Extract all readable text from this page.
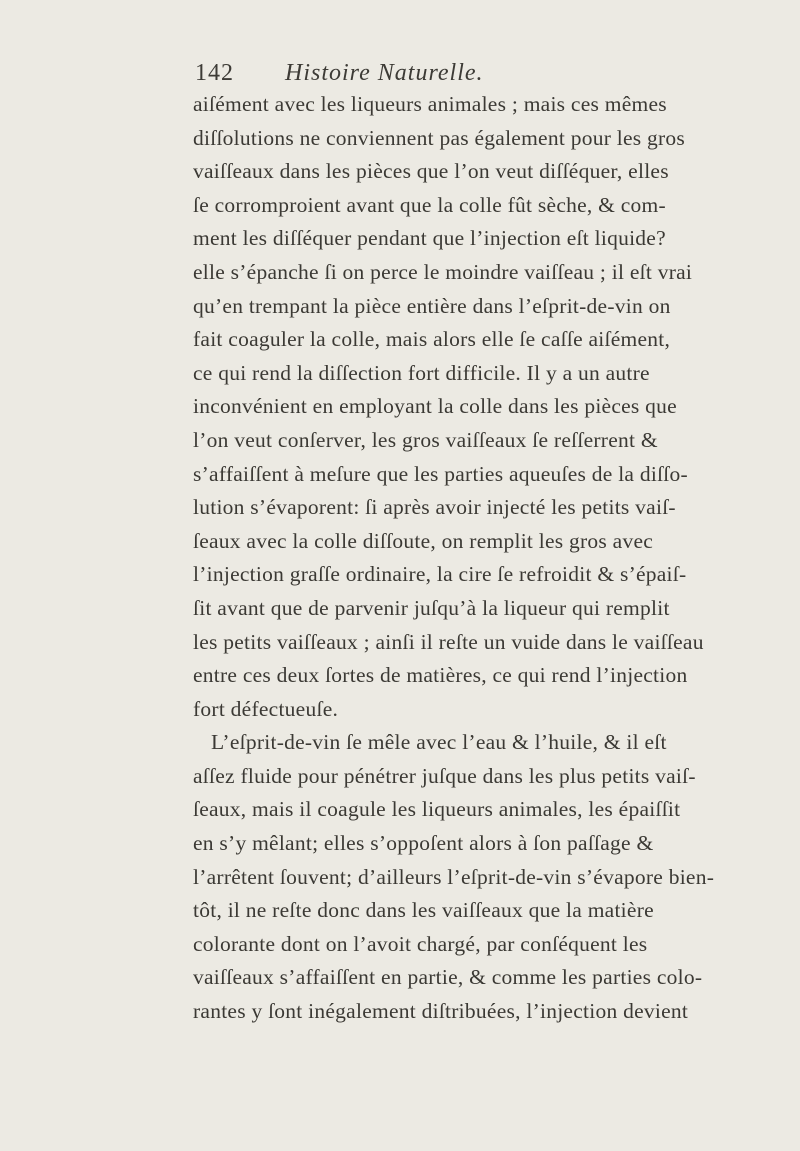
142 Histoire Naturelle.
aiſément avec les liqueurs animales ; mais ces mêmes
diſſolutions ne conviennent pas également pour les gros
vaiſſeaux dans les pièces que l’on veut diſſéquer, elles
ſe corromproient avant que la colle fût sèche, & com-
ment les diſſéquer pendant que l’injection eſt liquide?
elle s’épanche ſi on perce le moindre vaiſſeau ; il eſt vrai
qu’en trempant la pièce entière dans l’eſprit-de-vin on
fait coaguler la colle, mais alors elle ſe caſſe aiſément,
ce qui rend la diſſection fort difficile. Il y a un autre
inconvénient en employant la colle dans les pièces que
l’on veut conſerver, les gros vaiſſeaux ſe reſſerrent &
s’affaiſſent à meſure que les parties aqueuſes de la diſſo-
lution s’évaporent: ſi après avoir injecté les petits vaiſ-
ſeaux avec la colle diſſoute, on remplit les gros avec
l’injection graſſe ordinaire, la cire ſe refroidit & s’épaiſ-
ſit avant que de parvenir juſqu’à la liqueur qui remplit
les petits vaiſſeaux ; ainſi il reſte un vuide dans le vaiſſeau
entre ces deux ſortes de matières, ce qui rend l’injection
fort défectueuſe.
L’eſprit-de-vin ſe mêle avec l’eau & l’huile, & il eſt
aſſez fluide pour pénétrer juſque dans les plus petits vaiſ-
ſeaux, mais il coagule les liqueurs animales, les épaiſſit
en s’y mêlant; elles s’oppoſent alors à ſon paſſage &
l’arrêtent ſouvent; d’ailleurs l’eſprit-de-vin s’évapore bien-
tôt, il ne reſte donc dans les vaiſſeaux que la matière
colorante dont on l’avoit chargé, par conſéquent les
vaiſſeaux s’affaiſſent en partie, & comme les parties colo-
rantes y ſont inégalement diſtribuées, l’injection devient
